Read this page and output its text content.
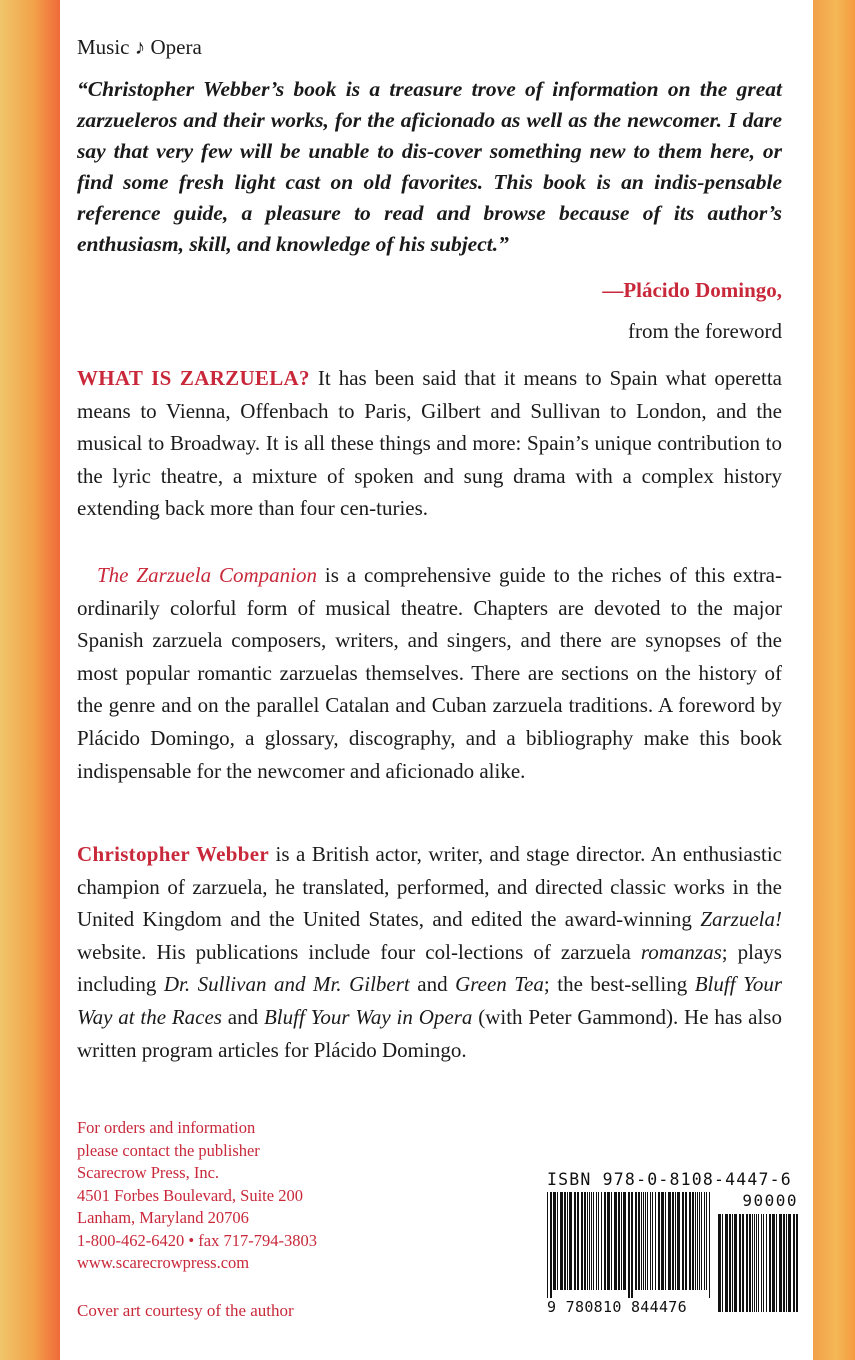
Music ♪ Opera

“Christopher Webber’s book is a treasure trove of information on the great zarzueleros and their works, for the aficionado as well as the newcomer. I dare say that very few will be unable to dis-cover something new to them here, or find some fresh light cast on old favorites. This book is an indis-pensable reference guide, a pleasure to read and browse because of its author’s enthusiasm, skill, and knowledge of his subject.”

—Plácido Domingo,
from the foreword

WHAT IS ZARZUELA? It has been said that it means to Spain what operetta means to Vienna, Offenbach to Paris, Gilbert and Sullivan to London, and the musical to Broadway. It is all these things and more: Spain’s unique contribution to the lyric theatre, a mixture of spoken and sung drama with a complex history extending back more than four cen-turies.

The Zarzuela Companion is a comprehensive guide to the riches of this extra-ordinarily colorful form of musical theatre. Chapters are devoted to the major Spanish zarzuela composers, writers, and singers, and there are synopses of the most popular romantic zarzuelas themselves. There are sections on the history of the genre and on the parallel Catalan and Cuban zarzuela traditions. A foreword by Plácido Domingo, a glossary, discography, and a bibliography make this book indispensable for the newcomer and aficionado alike.

Christopher Webber is a British actor, writer, and stage director. An enthusiastic champion of zarzuela, he translated, performed, and directed classic works in the United Kingdom and the United States, and edited the award-winning Zarzuela! website. His publications include four col-lections of zarzuela romanzas; plays including Dr. Sullivan and Mr. Gilbert and Green Tea; the best-selling Bluff Your Way at the Races and Bluff Your Way in Opera (with Peter Gammond). He has also written program articles for Plácido Domingo.

For orders and information
please contact the publisher
Scarecrow Press, Inc.
4501 Forbes Boulevard, Suite 200
Lanham, Maryland 20706
1-800-462-6420 • fax 717-794-3803
www.scarecrowpress.com
Cover art courtesy of the author
ISBN 978-0-8108-4447-6
90000
9 780810 844476
